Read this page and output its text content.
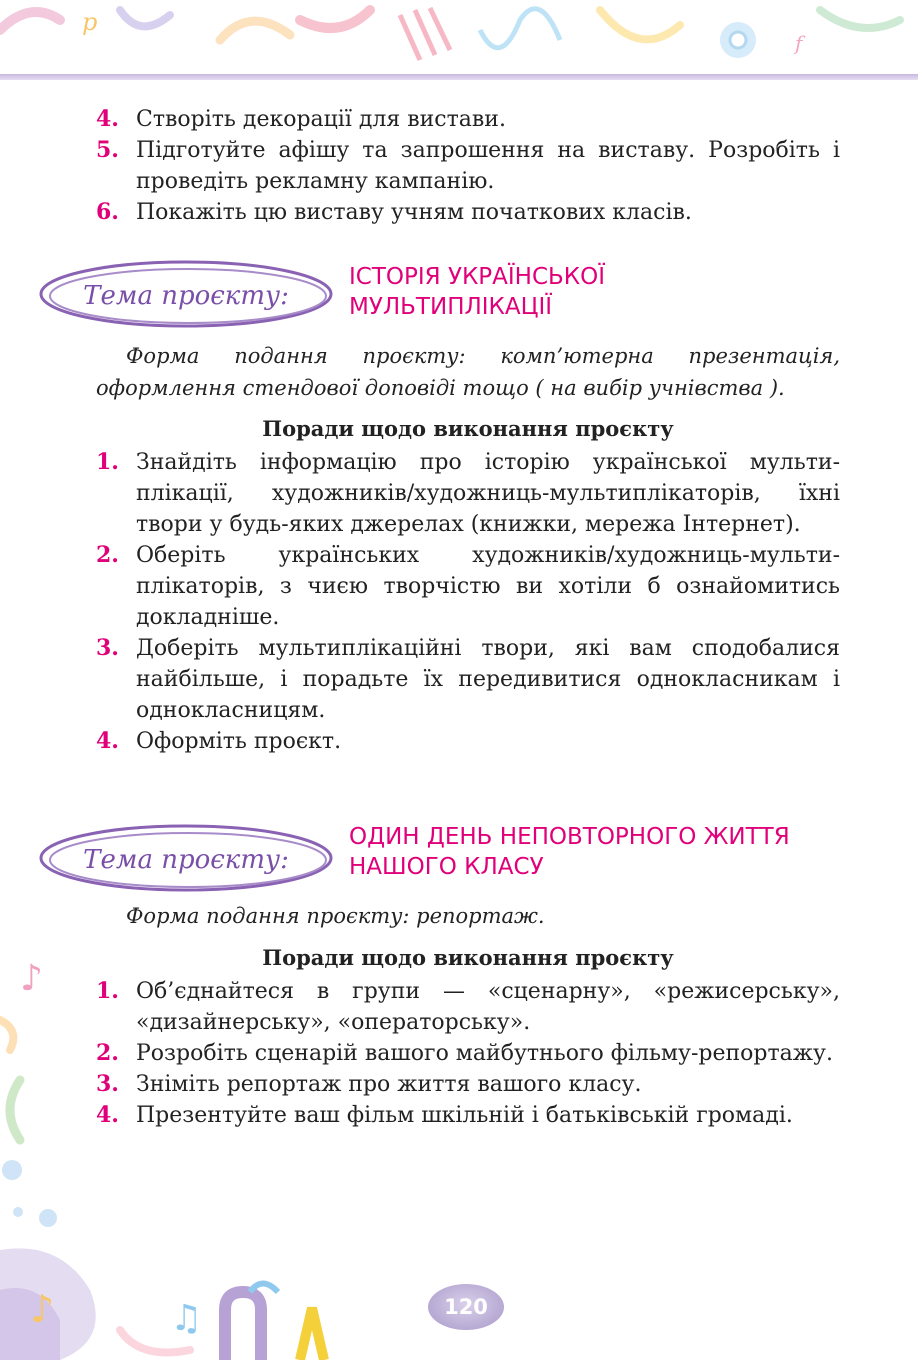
p
f
4. Створіть декорації для вистави.
5. Підготуйте афішу та запрошення на виставу. Розробіть і проведіть рекламну кампанію.
6. Покажіть цю виставу учням початкових класів.
Тема проєкту:
ІСТОРІЯ УКРАЇНСЬКОЇ
МУЛЬТИПЛІКАЦІЇ
Форма подання проєкту: комп’ютерна презентація, оформлення стендової доповіді тощо ( на вибір учнівства ).
Поради щодо виконання проєкту
1. Знайдіть інформацію про історію української мультиплікації, художників/художниць-мультиплікаторів, їхні твори у будь-яких джерелах (книжки, мережа Інтернет).
2. Оберіть українських художників/художниць-мультиплікаторів, з чиєю творчістю ви хотіли б ознайомитись докладніше.
3. Доберіть мультиплікаційні твори, які вам сподобалися найбільше, і порадьте їх передивитися однокласникам і однокласницям.
4. Оформіть проєкт.
Тема проєкту:
ОДИН ДЕНЬ НЕПОВТОРНОГО ЖИТТЯ
НАШОГО КЛАСУ
Форма подання проєкту: репортаж.
Поради щодо виконання проєкту
1. Об’єднайтеся в групи — «сценарну», «режисерську», «дизайнерську», «операторську».
2. Розробіть сценарій вашого майбутнього фільму-репортажу.
3. Зніміть репортаж про життя вашого класу.
4. Презентуйте ваш фільм шкільній і батьківській громаді.
♪
♪	♫	120
